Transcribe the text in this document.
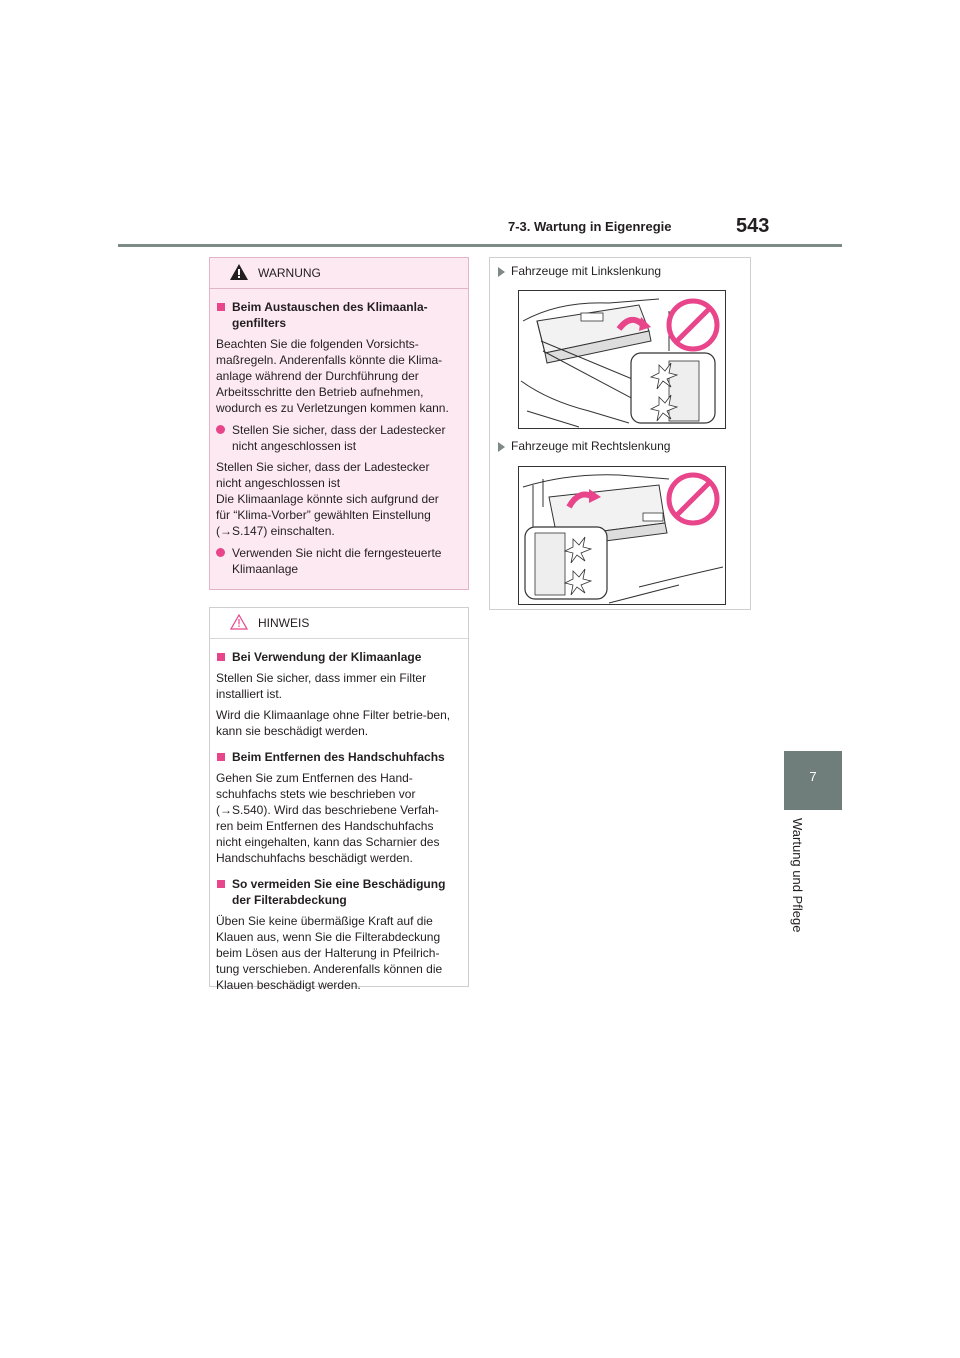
7-3. Wartung in Eigenregie	543
7
Wartung und Pflege
WARNUNG
Beim Austauschen des Klimaanla-genfilters
Beachten Sie die folgenden Vorsichts-maßregeln. Anderenfalls könnte die Klima-anlage während der Durchführung der Arbeitsschritte den Betrieb aufnehmen, wodurch es zu Verletzungen kommen kann.
Stellen Sie sicher, dass der Ladestecker nicht angeschlossen ist
Stellen Sie sicher, dass der Ladestecker nicht angeschlossen ist
Die Klimaanlage könnte sich aufgrund der für “Klima-Vorber” gewählten Einstellung (→S.147) einschalten.
Verwenden Sie nicht die ferngesteuerte Klimaanlage
HINWEIS
Bei Verwendung der Klimaanlage
Stellen Sie sicher, dass immer ein Filter installiert ist.
Wird die Klimaanlage ohne Filter betrie-ben, kann sie beschädigt werden.
Beim Entfernen des Handschuhfachs
Gehen Sie zum Entfernen des Hand-schuhfachs stets wie beschrieben vor (→S.540). Wird das beschriebene Verfah-ren beim Entfernen des Handschuhfachs nicht eingehalten, kann das Scharnier des Handschuhfachs beschädigt werden.
So vermeiden Sie eine Beschädigung der Filterabdeckung
Üben Sie keine übermäßige Kraft auf die Klauen aus, wenn Sie die Filterabdeckung beim Lösen aus der Halterung in Pfeilrich-tung verschieben. Anderenfalls können die Klauen beschädigt werden.
Fahrzeuge mit Linkslenkung
Fahrzeuge mit Rechtslenkung
